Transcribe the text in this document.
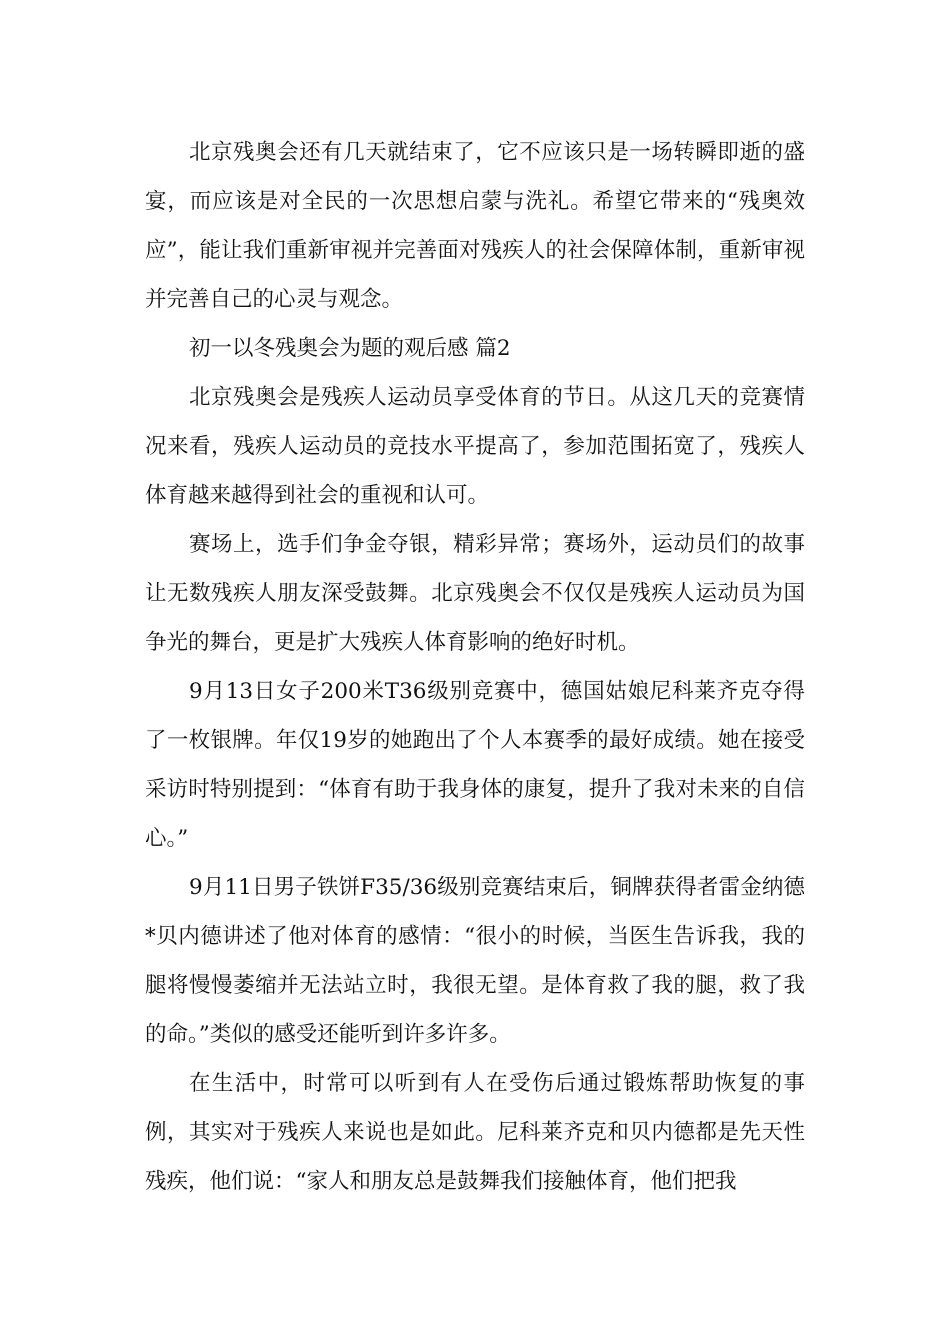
北京残奥会还有几天就结束了，它不应该只是一场转瞬即逝的盛宴，而应该是对全民的一次思想启蒙与洗礼。希望它带来的“残奥效应”，能让我们重新审视并完善面对残疾人的社会保障体制，重新审视并完善自己的心灵与观念。

初一以冬残奥会为题的观后感 篇2

北京残奥会是残疾人运动员享受体育的节日。从这几天的竞赛情况来看，残疾人运动员的竞技水平提高了，参加范围拓宽了，残疾人体育越来越得到社会的重视和认可。

赛场上，选手们争金夺银，精彩异常；赛场外，运动员们的故事让无数残疾人朋友深受鼓舞。北京残奥会不仅仅是残疾人运动员为国争光的舞台，更是扩大残疾人体育影响的绝好时机。

9月13日女子200米T36级别竞赛中，德国姑娘尼科莱齐克夺得了一枚银牌。年仅19岁的她跑出了个人本赛季的最好成绩。她在接受采访时特别提到：“体育有助于我身体的康复，提升了我对未来的自信心。”

9月11日男子铁饼F35/36级别竞赛结束后，铜牌获得者雷金纳德*贝内德讲述了他对体育的感情：“很小的时候，当医生告诉我，我的腿将慢慢萎缩并无法站立时，我很无望。是体育救了我的腿，救了我的命。”类似的感受还能听到许多许多。

在生活中，时常可以听到有人在受伤后通过锻炼帮助恢复的事例，其实对于残疾人来说也是如此。尼科莱齐克和贝内德都是先天性残疾，他们说：“家人和朋友总是鼓舞我们接触体育，他们把我
